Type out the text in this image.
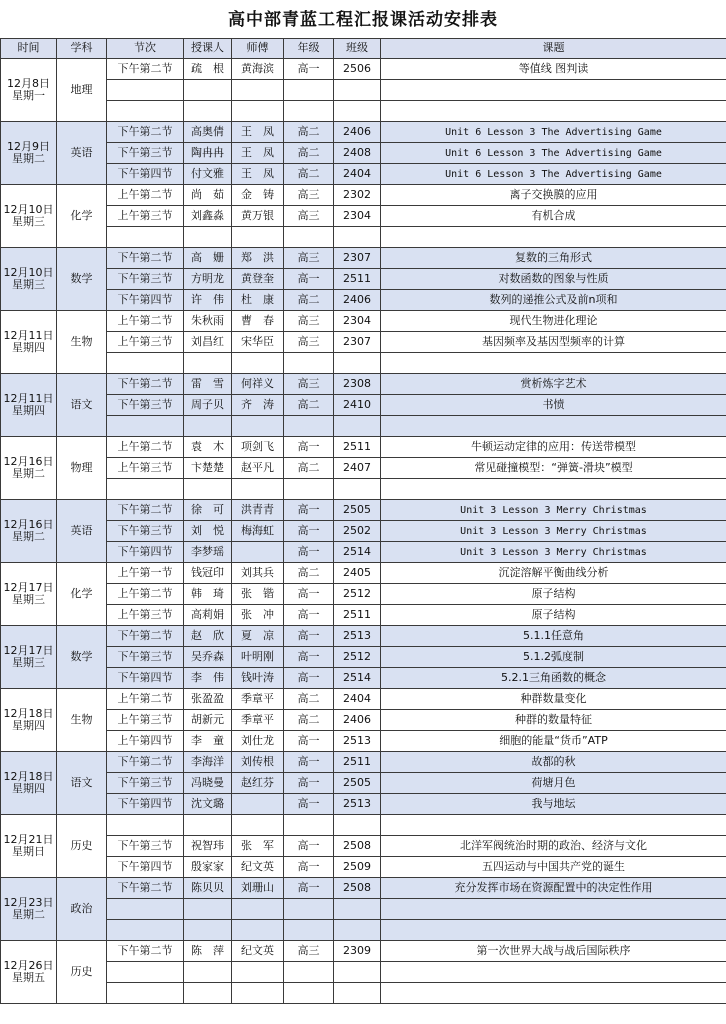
高中部青蓝工程汇报课活动安排表
时间	学科	节次	授课人	师傅	年级	班级	课题

12月8日
星期一	地理	下午第二节	疏　根	黄海滨	高一	2506	等值线 图判读

12月9日
星期二	英语	下午第二节	高奥倩	王　凤	高二	2406	Unit 6 Lesson 3 The Advertising Game
		下午第三节	陶冉冉	王　凤	高二	2408	Unit 6 Lesson 3 The Advertising Game
		下午第四节	付文雅	王　凤	高二	2404	Unit 6 Lesson 3 The Advertising Game

12月10日
星期三	化学	上午第二节	尚　茹	金　铸	高三	2302	离子交换膜的应用
		上午第三节	刘鑫淼	黄万银	高三	2304	有机合成

12月10日
星期三	数学	下午第二节	高　姗	郑　洪	高三	2307	复数的三角形式
		下午第三节	方明龙	黄登奎	高一	2511	对数函数的图象与性质
		下午第四节	许　伟	杜　康	高二	2406	数列的递推公式及前n项和

12月11日
星期四	生物	上午第二节	朱秋雨	曹　春	高三	2304	现代生物进化理论
		上午第三节	刘昌红	宋华臣	高三	2307	基因频率及基因型频率的计算

12月11日
星期四	语文	下午第二节	雷　雪	何祥义	高三	2308	赏析炼字艺术
		下午第三节	周子贝	齐　涛	高二	2410	书愤

12月16日
星期二	物理	上午第二节	袁　木	项剑飞	高一	2511	牛顿运动定律的应用：传送带模型
		上午第三节	卞楚楚	赵平凡	高二	2407	常见碰撞模型：“弹簧-滑块”模型

12月16日
星期二	英语	下午第二节	徐　可	洪青青	高一	2505	Unit 3 Lesson 3 Merry Christmas
		下午第三节	刘　悦	梅海虹	高一	2502	Unit 3 Lesson 3 Merry Christmas
		下午第四节	李梦瑶		高一	2514	Unit 3 Lesson 3 Merry Christmas

12月17日
星期三	化学	上午第一节	钱冠印	刘其兵	高二	2405	沉淀溶解平衡曲线分析
		上午第二节	韩　琦	张　锴	高一	2512	原子结构
		上午第三节	高莉娟	张　冲	高一	2511	原子结构

12月17日
星期三	数学	下午第二节	赵　欣	夏　凉	高一	2513	5.1.1任意角
		下午第三节	吴乔森	叶明刚	高一	2512	5.1.2弧度制
		下午第四节	李　伟	钱叶涛	高一	2514	5.2.1三角函数的概念

12月18日
星期四	生物	上午第二节	张盈盈	季章平	高二	2404	种群数量变化
		上午第三节	胡新元	季章平	高二	2406	种群的数量特征
		上午第四节	李　童	刘仕龙	高一	2513	细胞的能量“货币”ATP

12月18日
星期四	语文	下午第二节	李海洋	刘传根	高一	2511	故都的秋
		下午第三节	冯晓曼	赵红芬	高一	2505	荷塘月色
		下午第四节	沈文璐		高一	2513	我与地坛

12月21日
星期日	历史						
		下午第三节	祝智玮	张　军	高一	2508	北洋军阀统治时期的政治、经济与文化
		下午第四节	殷家家	纪文英	高一	2509	五四运动与中国共产党的诞生

12月23日
星期二	政治	下午第二节	陈贝贝	刘珊山	高一	2508	充分发挥市场在资源配置中的决定性作用

12月26日
星期五	历史	下午第二节	陈　萍	纪文英	高三	2309	第一次世界大战与战后国际秩序
